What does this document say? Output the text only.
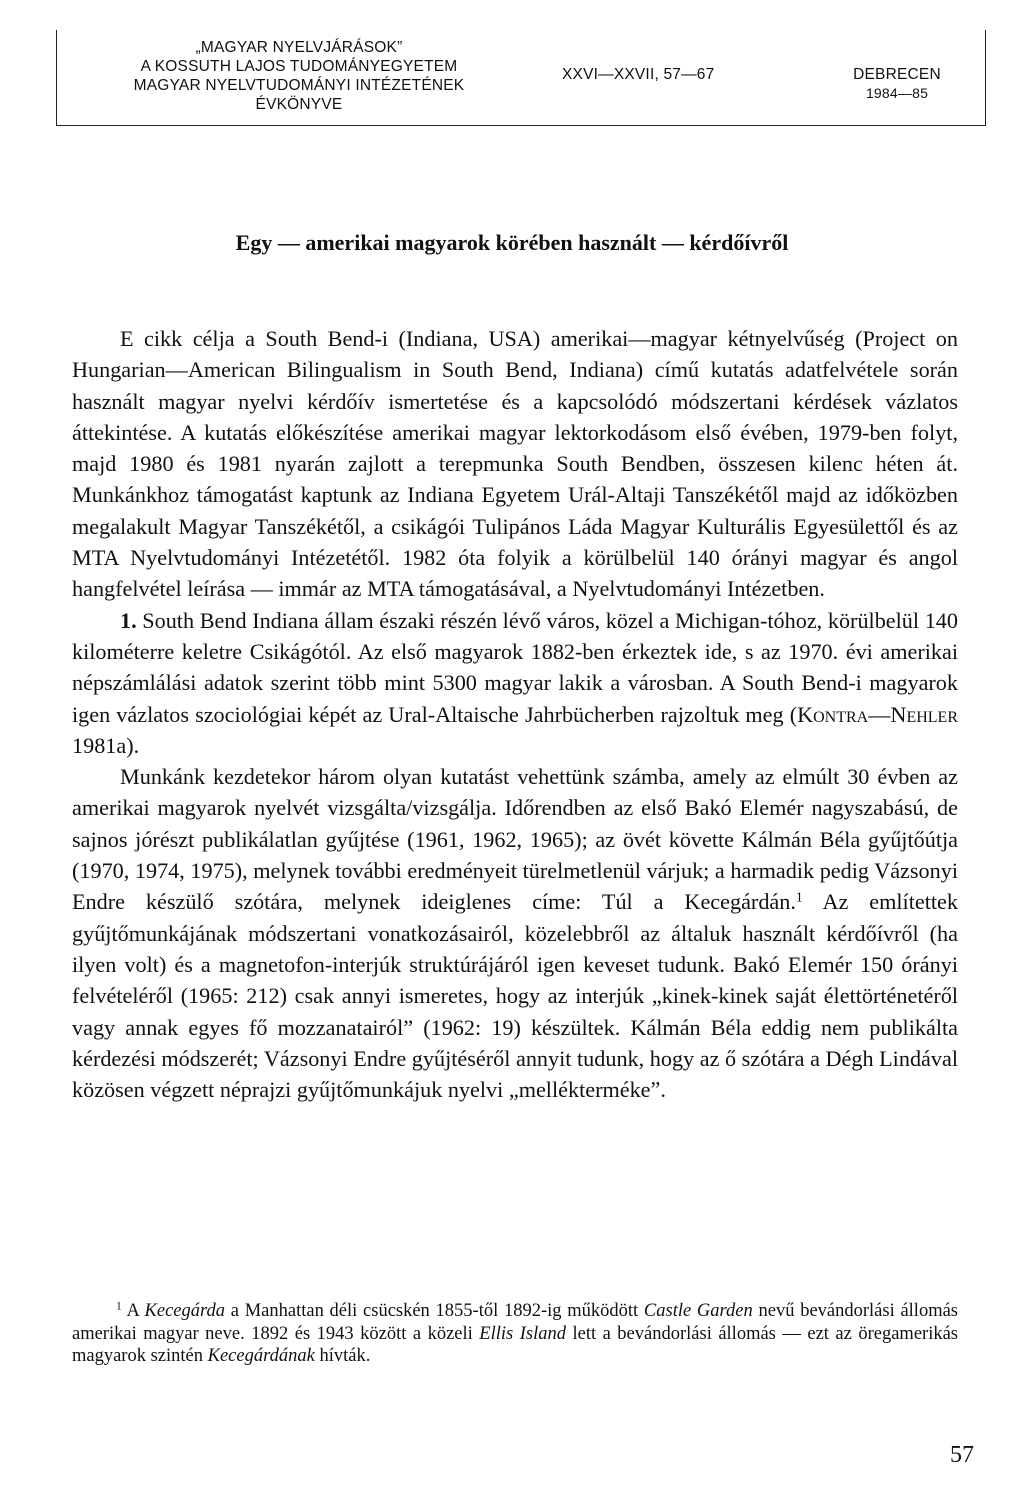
„MAGYAR NYELVJÁRÁSOK”
A KOSSUTH LAJOS TUDOMÁNYEGYETEM
MAGYAR NYELVTUDOMÁNYI INTÉZETÉNEK
ÉVKÖNYVE
XXVI—XXVII, 57—67	DEBRECEN
1984—85
Egy — amerikai magyarok körében használt — kérdőívről

E cikk célja a South Bend-i (Indiana, USA) amerikai—magyar kétnyelvűség (Project on Hungarian—American Bilingualism in South Bend, Indiana) című kutatás adatfelvétele során használt magyar nyelvi kérdőív ismertetése és a kapcsolódó módszertani kérdések vázlatos áttekintése. A kutatás előkészítése amerikai magyar lektorkodásom első évében, 1979-ben folyt, majd 1980 és 1981 nyarán zajlott a terepmunka South Bendben, összesen kilenc héten át. Munkánkhoz támogatást kaptunk az Indiana Egyetem Urál-Altaji Tanszékétől majd az időközben megalakult Magyar Tanszékétől, a csikágói Tulipános Láda Magyar Kulturális Egyesülettől és az MTA Nyelvtudományi Intézetétől. 1982 óta folyik a körülbelül 140 órányi magyar és angol hangfelvétel leírása — immár az MTA támogatásával, a Nyelvtudományi Intézetben.

1. South Bend Indiana állam északi részén lévő város, közel a Michigan-tóhoz, körülbelül 140 kilométerre keletre Csikágótól. Az első magyarok 1882-ben érkeztek ide, s az 1970. évi amerikai népszámlálási adatok szerint több mint 5300 magyar lakik a városban. A South Bend-i magyarok igen vázlatos szociológiai képét az Ural-Altaische Jahrbücherben rajzoltuk meg (Kontra—Nehler 1981a).

Munkánk kezdetekor három olyan kutatást vehettünk számba, amely az elmúlt 30 évben az amerikai magyarok nyelvét vizsgálta/vizsgálja. Időrendben az első Bakó Elemér nagyszabású, de sajnos jórészt publikálatlan gyűjtése (1961, 1962, 1965); az övét követte Kálmán Béla gyűjtőútja (1970, 1974, 1975), melynek további eredményeit türelmetlenül várjuk; a harmadik pedig Vázsonyi Endre készülő szótára, melynek ideiglenes címe: Túl a Kecegárdán.$^1$ Az említettek gyűjtőmunkájának módszertani vonatkozásairól, közelebbről az általuk használt kérdőívről (ha ilyen volt) és a magnetofon-interjúk struktúrájáról igen keveset tudunk. Bakó Elemér 150 órányi felvételéről (1965: 212) csak annyi ismeretes, hogy az interjúk „kinek-kinek saját élettörténetéről vagy annak egyes fő mozzanatairól” (1962: 19) készültek. Kálmán Béla eddig nem publikálta kérdezési módszerét; Vázsonyi Endre gyűjtéséről annyit tudunk, hogy az ő szótára a Dégh Lindával közösen végzett néprajzi gyűjtőmunkájuk nyelvi „melléktermékeˮ.

$^1$ A Kecegárda a Manhattan déli csücskén 1855-től 1892-ig működött Castle Garden nevű bevándorlási állomás amerikai magyar neve. 1892 és 1943 között a közeli Ellis Island lett a bevándorlási állomás — ezt az öregamerikás magyarok szintén Kecegárdának hívták.
57
